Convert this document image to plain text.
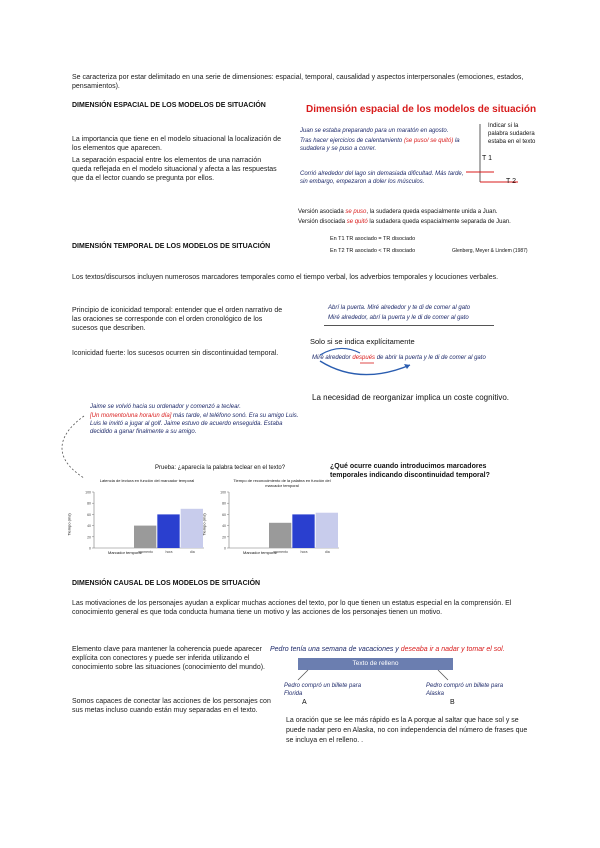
Se caracteriza por estar delimitado en una serie de dimensiones: espacial, temporal, causalidad y aspectos interpersonales (emociones, estados, pensamientos).
DIMENSIÓN ESPACIAL DE LOS MODELOS DE SITUACIÓN
La importancia que tiene en el modelo situacional la localización de los elementos que aparecen.
La separación espacial entre los elementos de una narración queda reflejada en el modelo situacional y afecta a las respuestas que da el lector cuando se pregunta por ellos.
Dimensión espacial de los modelos de situación
Juan se estaba preparando para un maratón en agosto.
Tras hacer ejercicios de calentamiento (se puso/ se quitó) la sudadera y se puso a correr.
Corrió alrededor del lago sin demasiada dificultad. Más tarde, sin embargo, empezaron a doler los músculos.
Indicar si la palabra sudadera estaba en el texto
T 1
T 2
Versión asociada se puso, la sudadera queda espacialmente unida a Juan.
Versión disociada se quitó la sudadera queda espacialmente separada de Juan.
En T1 TR asociado = TR disociado
En T2 TR asociado < TR disociado	Glenberg, Meyer & Lindem (1987)
DIMENSIÓN TEMPORAL DE LOS MODELOS DE SITUACIÓN
Los textos/discursos incluyen numerosos marcadores temporales como el tiempo verbal, los adverbios temporales y locuciones verbales.
Principio de iconicidad temporal: entender que el orden narrativo de las oraciones se corresponde con el orden cronológico de los sucesos que describen.
Iconicidad fuerte: los sucesos ocurren sin discontinuidad temporal.
Abrí la puerta. Miré alrededor y te di de comer al gato
Miré alrededor, abrí la puerta y le di de comer al gato
Solo si se indica explícitamente
Miré alrededor después de abrir la puerta y le di de comer al gato
La necesidad de reorganizar implica un coste cognitivo.
Jaime se volvió hacia su ordenador y comenzó a teclear.
[Un momento/una hora/un día] más tarde, el teléfono sonó. Era su amigo Luis. Luis le invitó a jugar al golf. Jaime estuvo de acuerdo enseguida. Estaba decidido a ganar finalmente a su amigo.
Prueba: ¿aparecía la palabra teclear en el texto?	¿Qué ocurre cuando introducimos marcadores temporales indicando discontinuidad temporal?
Latencia de lectura en función del marcador temporal
Tiempo (ms)
Marcador temporal
0
20
40
60
80
100
momento	hora	día
Tiempo de reconocimiento de la palabra en función del marcador temporal
Tiempo (ms)
Marcador temporal
0
20
40
60
80
100
momento	hora	día
DIMENSIÓN CAUSAL DE LOS MODELOS DE SITUACIÓN
Las motivaciones de los personajes ayudan a explicar muchas acciones del texto, por lo que tienen un estatus especial en la comprensión. El conocimiento general es que toda conducta humana tiene un motivo y las acciones de los personajes tienen un motivo.
Elemento clave para mantener la coherencia puede aparecer explícita con conectores y puede ser inferida utilizando el conocimiento sobre las situaciones (conocimiento del mundo).
Somos capaces de conectar las acciones de los personajes con sus metas incluso cuando están muy separadas en el texto.
Pedro tenía una semana de vacaciones y deseaba ir a nadar y tomar el sol.
Texto de relleno
Pedro compró un billete para Florida
Pedro compró un billete para Alaska
A	B
La oración que se lee más rápido es la A porque al saltar que hace sol y se puede nadar pero en Alaska, no con independencia del número de frases que se incluya en el relleno. .
